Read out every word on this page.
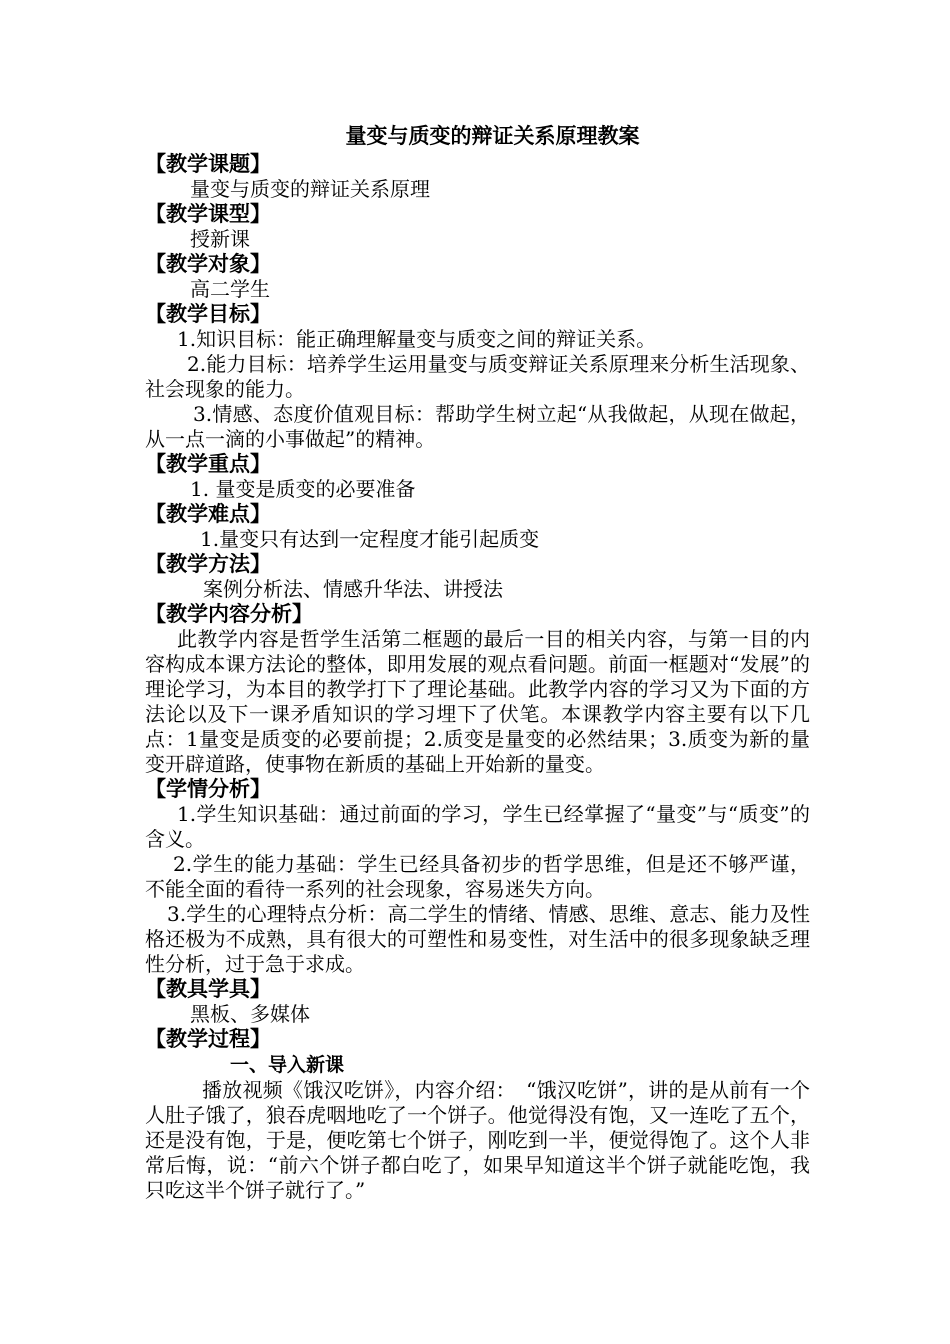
量变与质变的辩证关系原理教案

【教学课题】

量变与质变的辩证关系原理

【教学课型】

授新课

【教学对象】

高二学生

【教学目标】

1.知识目标：能正确理解量变与质变之间的辩证关系。

2.能力目标：培养学生运用量变与质变辩证关系原理来分析生活现象、社会现象的能力。

3.情感、态度价值观目标：帮助学生树立起“从我做起，从现在做起，从一点一滴的小事做起”的精神。

【教学重点】

1. 量变是质变的必要准备

【教学难点】

1.量变只有达到一定程度才能引起质变

【教学方法】

案例分析法、情感升华法、讲授法

【教学内容分析】

此教学内容是哲学生活第二框题的最后一目的相关内容，与第一目的内容构成本课方法论的整体，即用发展的观点看问题。前面一框题对“发展”的理论学习，为本目的教学打下了理论基础。此教学内容的学习又为下面的方法论以及下一课矛盾知识的学习埋下了伏笔。本课教学内容主要有以下几点：1量变是质变的必要前提；2.质变是量变的必然结果；3.质变为新的量变开辟道路，使事物在新质的基础上开始新的量变。

【学情分析】

1.学生知识基础：通过前面的学习，学生已经掌握了“量变”与“质变”的含义。

2.学生的能力基础：学生已经具备初步的哲学思维，但是还不够严谨，不能全面的看待一系列的社会现象，容易迷失方向。

3.学生的心理特点分析：高二学生的情绪、情感、思维、意志、能力及性格还极为不成熟，具有很大的可塑性和易变性，对生活中的很多现象缺乏理性分析，过于急于求成。

【教具学具】

黑板、多媒体

【教学过程】

一、导入新课

播放视频《饿汉吃饼》，内容介绍：　“饿汉吃饼”，讲的是从前有一个人肚子饿了，狼吞虎咽地吃了一个饼子。他觉得没有饱，又一连吃了五个，还是没有饱，于是，便吃第七个饼子，刚吃到一半，便觉得饱了。这个人非常后悔，说：“前六个饼子都白吃了，如果早知道这半个饼子就能吃饱，我只吃这半个饼子就行了。”
